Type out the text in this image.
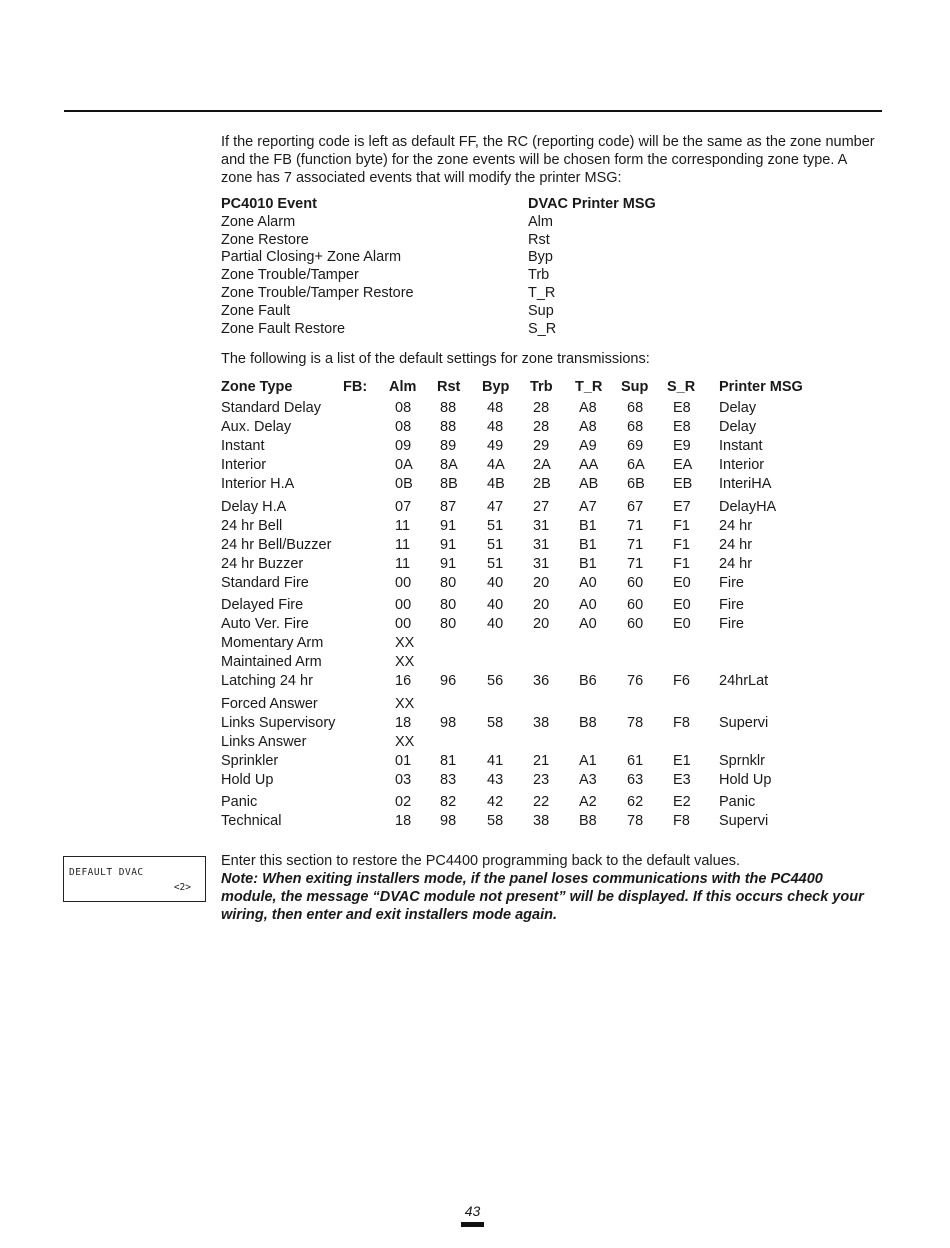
If the reporting code is left as default FF, the RC (reporting code) will be the same as the zone number and the FB (function byte) for the zone events will be chosen form the corresponding zone type. A zone has 7 associated events that will modify the printer MSG:

PC4010 Event	DVAC Printer MSG
Zone Alarm	Alm
Zone Restore	Rst
Partial Closing+ Zone Alarm	Byp
Zone Trouble/Tamper	Trb
Zone Trouble/Tamper Restore	T_R
Zone Fault	Sup
Zone Fault Restore	S_R

The following is a list of the default settings for zone transmissions:

Zone Type	FB: Alm Rst Byp Trb T_R Sup S_R Printer MSG
Standard Delay	08 88 48 28 A8 68 E8 Delay
Aux. Delay	08 88 48 28 A8 68 E8 Delay
Instant	09 89 49 29 A9 69 E9 Instant
Interior	0A 8A 4A 2A AA 6A EA Interior
Interior H.A	0B 8B 4B 2B AB 6B EB InteriHA
Delay H.A	07 87 47 27 A7 67 E7 DelayHA
24 hr Bell	11 91 51 31 B1 71 F1 24 hr
24 hr Bell/Buzzer	11 91 51 31 B1 71 F1 24 hr
24 hr Buzzer	11 91 51 31 B1 71 F1 24 hr
Standard Fire	00 80 40 20 A0 60 E0 Fire
Delayed Fire	00 80 40 20 A0 60 E0 Fire
Auto Ver. Fire	00 80 40 20 A0 60 E0 Fire
Momentary Arm	XX
Maintained Arm	XX
Latching 24 hr	16 96 56 36 B6 76 F6 24hrLat
Forced Answer	XX
Links Supervisory	18 98 58 38 B8 78 F8 Supervi
Links Answer	XX
Sprinkler	01 81 41 21 A1 61 E1 Sprnklr
Hold Up	03 83 43 23 A3 63 E3 Hold Up
Panic	02 82 42 22 A2 62 E2 Panic
Technical	18 98 58 38 B8 78 F8 Supervi
DEFAULT DVAC
<2>

Enter this section to restore the PC4400 programming back to the default values.

Note: When exiting installers mode, if the panel loses communications with the PC4400 module, the message “DVAC module not present” will be displayed. If this occurs check your wiring, then enter and exit installers mode again.

43
